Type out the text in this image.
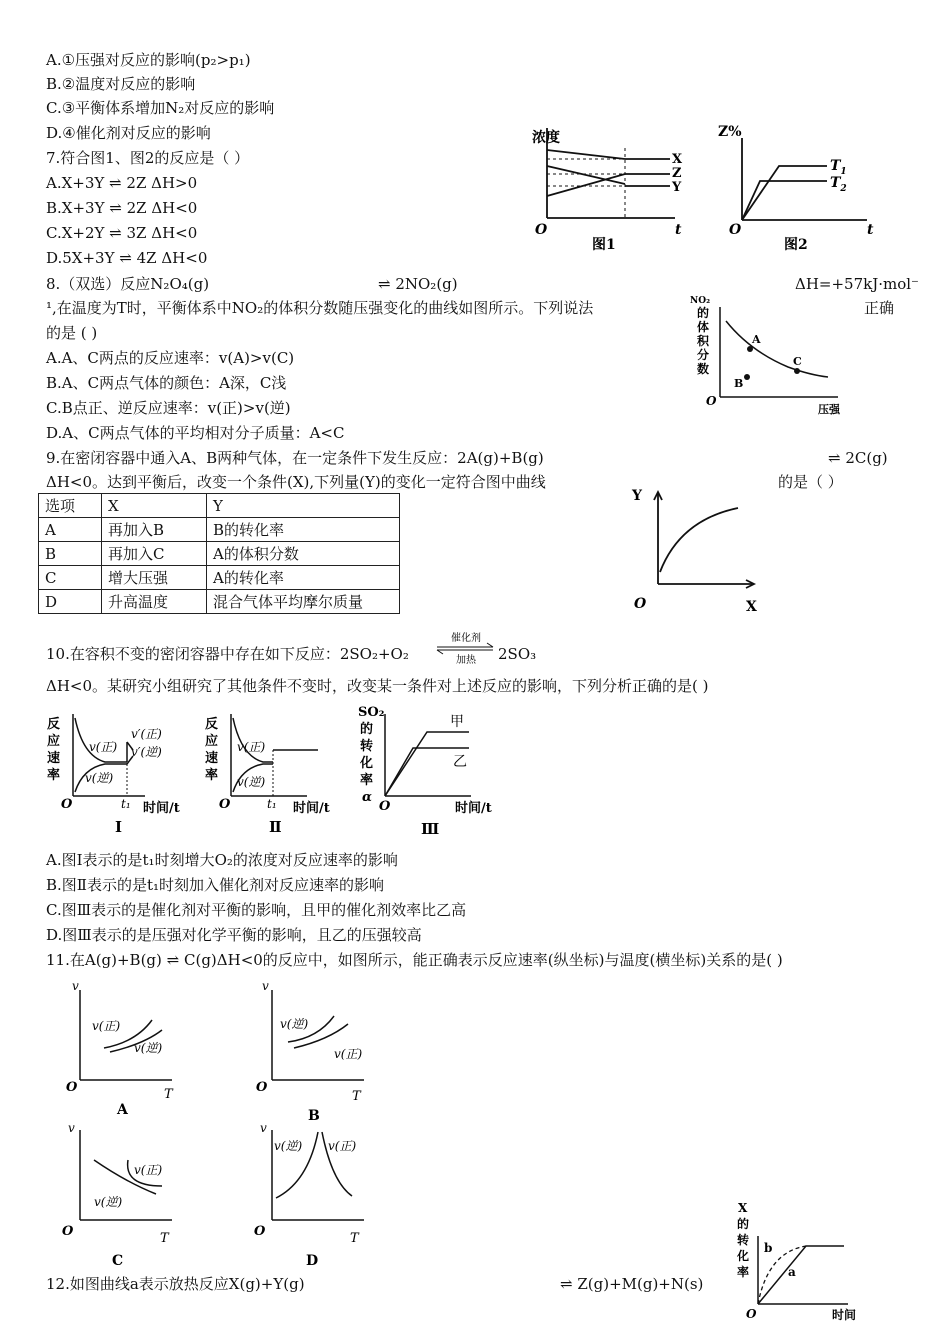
A.①压强对反应的影响(p₂>p₁)
B.②温度对反应的影响
C.③平衡体系增加N₂对反应的影响
D.④催化剂对反应的影响
7.符合图1、图2的反应是（ ）
A.X+3Y ⇌ 2Z ΔH>0
B.X+3Y ⇌ 2Z ΔH<0
C.X+2Y ⇌ 3Z ΔH<0
D.5X+3Y ⇌ 4Z ΔH<0
8.（双选）反应N₂O₄(g)	⇌ 2NO₂(g)	ΔH=+57kJ·mol⁻
¹,在温度为T时，平衡体系中NO₂的体积分数随压强变化的曲线如图所示。下列说法	正确
的是 ( )
A.A、C两点的反应速率：v(A)>v(C)
B.A、C两点气体的颜色：A深，C浅
C.B点正、逆反应速率：v(正)>v(逆)
D.A、C两点气体的平均相对分子质量：A<C
9.在密闭容器中通入A、B两种气体，在一定条件下发生反应：2A(g)+B(g)	⇌ 2C(g)
ΔH<0。达到平衡后，改变一个条件(X),下列量(Y)的变化一定符合图中曲线	的是（ ）
选项	X	Y
A	再加入B	B的转化率
B	再加入C	A的体积分数
C	增大压强	A的转化率
D	升高温度	混合气体平均摩尔质量
10.在容积不变的密闭容器中存在如下反应：2SO₂+O₂
催化剂
加热 2SO₃
ΔH<0。某研究小组研究了其他条件不变时，改变某一条件对上述反应的影响，下列分析正确的是( )
A.图I表示的是t₁时刻增大O₂的浓度对反应速率的影响
B.图Ⅱ表示的是t₁时刻加入催化剂对反应速率的影响
C.图Ⅲ表示的是催化剂对平衡的影响，且甲的催化剂效率比乙高
D.图Ⅲ表示的是压强对化学平衡的影响，且乙的压强较高
11.在A(g)+B(g) ⇌ C(g)ΔH<0的反应中，如图所示，能正确表示反应速率(纵坐标)与温度(横坐标)关系的是( )
12.如图曲线a表示放热反应X(g)+Y(g)	⇌ Z(g)+M(g)+N(s)
浓度
O	t
X
Z
Y
图1
Z%
O	t
$T_1$
$T_2$
图2
NO₂
的
体
积
分
数
O
压强
A
B
C
Y
O	X
反
应
速
率
v(正)
v(逆)
v′(正)
v′(逆)
O	t₁ 时间/t
Ⅰ
反
应
速
率
v(正)
v(逆)
O	t₁ 时间/t
Ⅱ
SO₂
的
转
化
率
α
甲
乙
O	时间/t
Ⅲ
v
T
O
v(正)
v(逆)
A
v
T
O
v(逆)
v(正)
B
v
T
O
v(正)
v(逆)
C
v
T
O
v(逆) v(正)
D
X
的
转
化
率
O	时间
a
b
